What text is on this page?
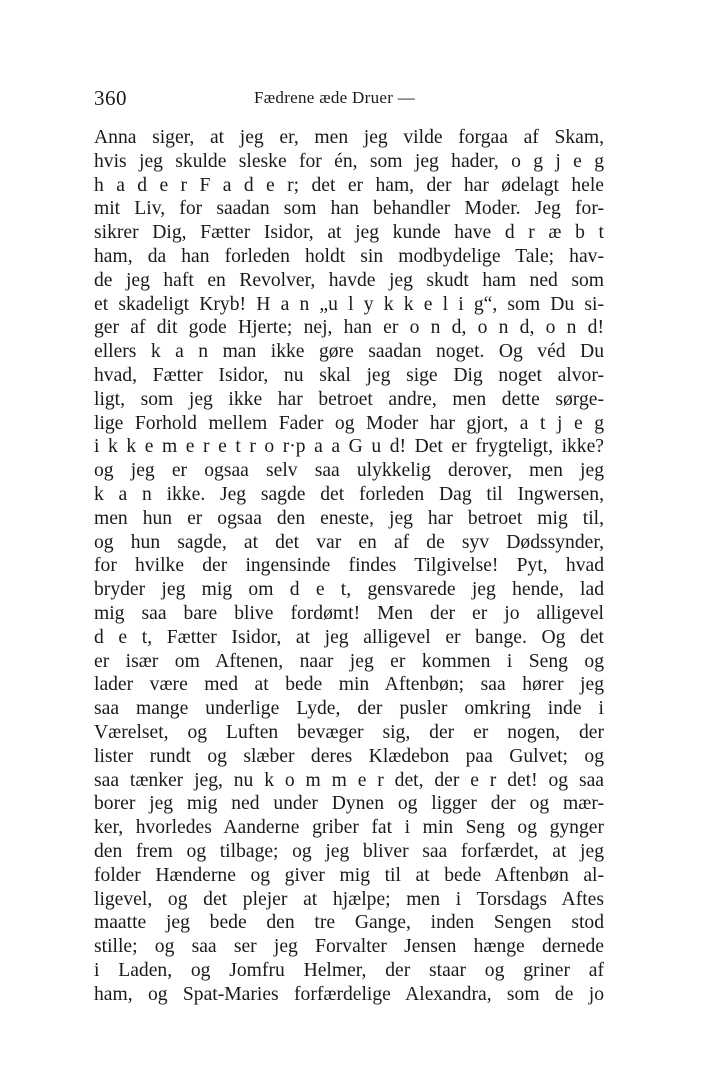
360	Fædrene æde Druer —
Anna siger, at jeg er, men jeg vilde forgaa af Skam,
hvis jeg skulde sleske for én, som jeg hader, o g j e g
h a d e r F a d e r; det er ham, der har ødelagt hele
mit Liv, for saadan som han behandler Moder. Jeg for-
sikrer Dig, Fætter Isidor, at jeg kunde have d r æ b t
ham, da han forleden holdt sin modbydelige Tale; hav-
de jeg haft en Revolver, havde jeg skudt ham ned som
et skadeligt Kryb! H a n „u l y k k e l i g“, som Du si-
ger af dit gode Hjerte; nej, han er o n d, o n d, o n d!
ellers k a n man ikke gøre saadan noget. Og véd Du
hvad, Fætter Isidor, nu skal jeg sige Dig noget alvor-
ligt, som jeg ikke har betroet andre, men dette sørge-
lige Forhold mellem Fader og Moder har gjort, a t j e g
i k k e m e r e t r o r·p a a G u d! Det er frygteligt, ikke?
og jeg er ogsaa selv saa ulykkelig derover, men jeg
k a n ikke. Jeg sagde det forleden Dag til Ingwersen,
men hun er ogsaa den eneste, jeg har betroet mig til,
og hun sagde, at det var en af de syv Dødssynder,
for hvilke der ingensinde findes Tilgivelse! Pyt, hvad
bryder jeg mig om d e t, gensvarede jeg hende, lad
mig saa bare blive fordømt! Men der er jo alligevel
d e t, Fætter Isidor, at jeg alligevel er bange. Og det
er især om Aftenen, naar jeg er kommen i Seng og
lader være med at bede min Aftenbøn; saa hører jeg
saa mange underlige Lyde, der pusler omkring inde i
Værelset, og Luften bevæger sig, der er nogen, der
lister rundt og slæber deres Klædebon paa Gulvet; og
saa tænker jeg, nu k o m m e r det, der e r det! og saa
borer jeg mig ned under Dynen og ligger der og mær-
ker, hvorledes Aanderne griber fat i min Seng og gynger
den frem og tilbage; og jeg bliver saa forfærdet, at jeg
folder Hænderne og giver mig til at bede Aftenbøn al-
ligevel, og det plejer at hjælpe; men i Torsdags Aftes
maatte jeg bede den tre Gange, inden Sengen stod
stille; og saa ser jeg Forvalter Jensen hænge dernede
i Laden, og Jomfru Helmer, der staar og griner af
ham, og Spat-Maries forfærdelige Alexandra, som de jo
